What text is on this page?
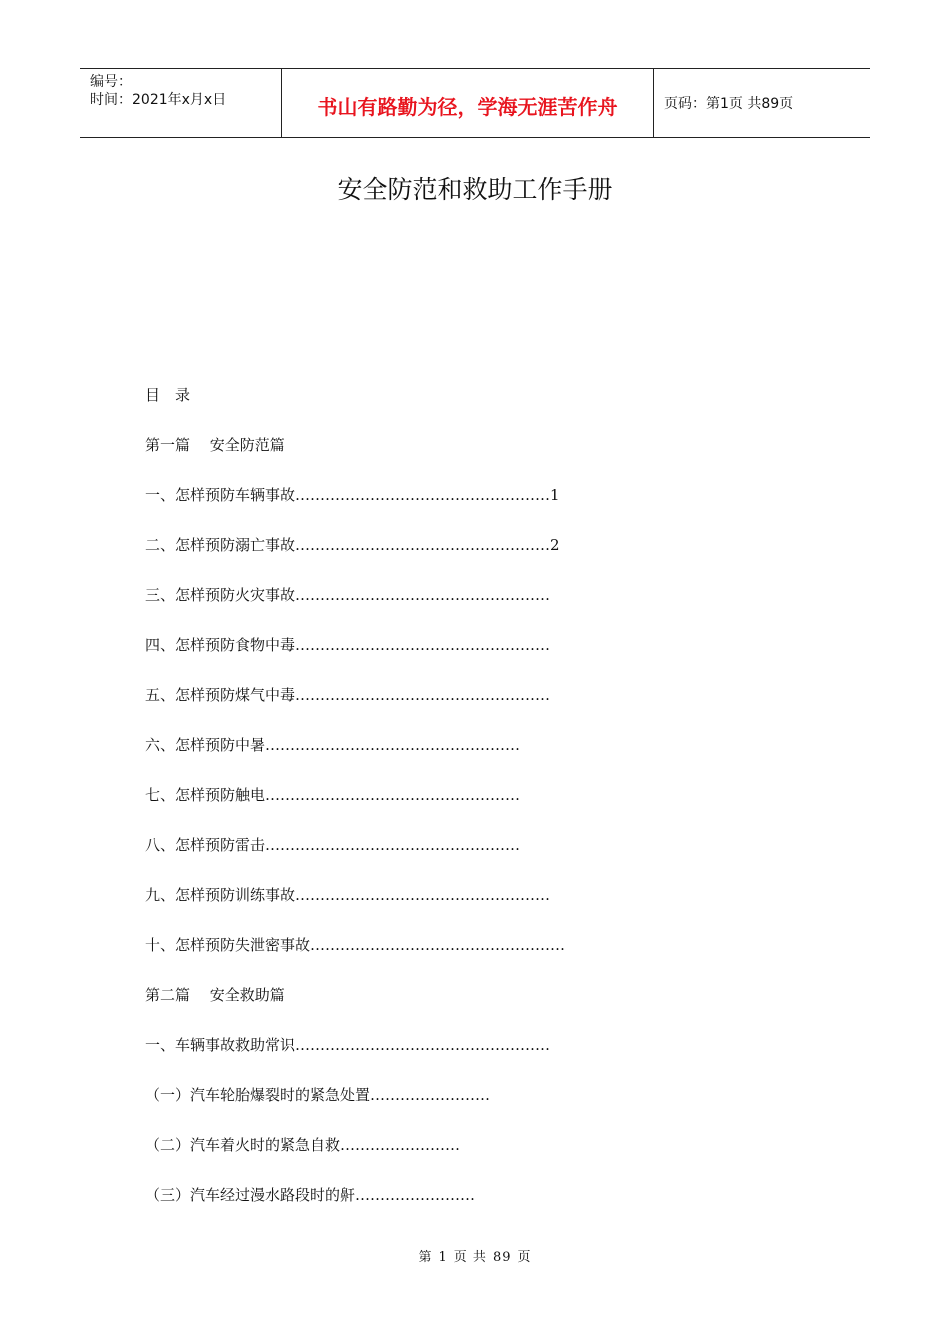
编号：
时间：2021年x月x日	书山有路勤为径，学海无涯苦作舟	页码：第1页 共89页
安全防范和救助工作手册
目　录
第一篇　 安全防范篇
一、怎样预防车辆事故……………………………………………1
二、怎样预防溺亡事故……………………………………………2
三、怎样预防火灾事故……………………………………………
四、怎样预防食物中毒……………………………………………
五、怎样预防煤气中毒……………………………………………
六、怎样预防中暑……………………………………………
七、怎样预防触电……………………………………………
八、怎样预防雷击……………………………………………
九、怎样预防训练事故……………………………………………
十、怎样预防失泄密事故……………………………………………
第二篇　 安全救助篇
一、车辆事故救助常识……………………………………………
（一）汽车轮胎爆裂时的紧急处置……………………
（二）汽车着火时的紧急自救……………………
（三）汽车经过漫水路段时的鼾……………………
第 1 页 共 89 页
